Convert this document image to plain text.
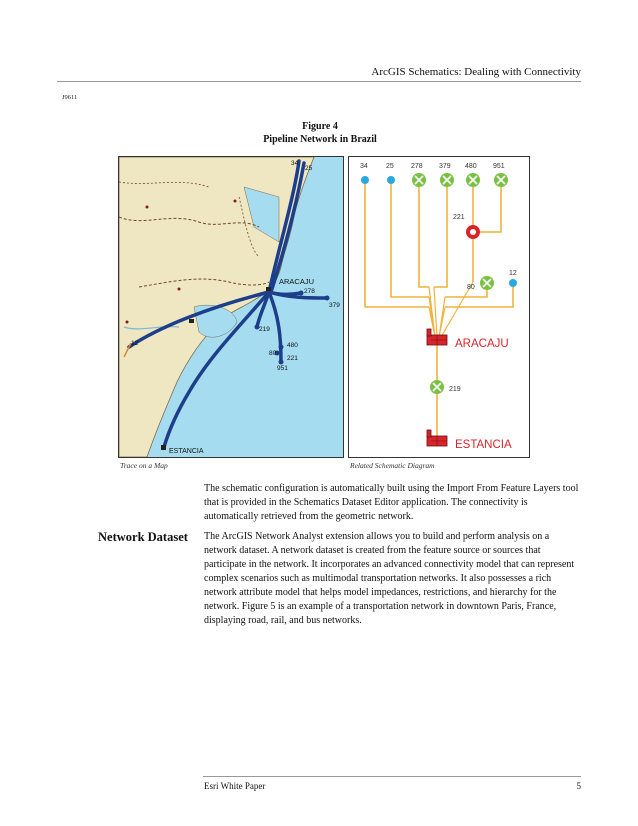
ArcGIS Schematics: Dealing with Connectivity
J9611
Figure 4
Pipeline Network in Brazil
34
25
278
379
219
12	480
80
221
951
ARACAJU
ESTANCIA
34	25 278 379 480 951
221
12
80
219
ARACAJU
ESTANCIA
Trace on a Map	Related Schematic Diagram
The schematic configuration is automatically built using the Import From Feature Layers tool that is provided in the Schematics Dataset Editor application. The connectivity is automatically retrieved from the geometric network.
Network Dataset The ArcGIS Network Analyst extension allows you to build and perform analysis on a network dataset. A network dataset is created from the feature source or sources that participate in the network. It incorporates an advanced connectivity model that can represent complex scenarios such as multimodal transportation networks. It also possesses a rich network attribute model that helps model impedances, restrictions, and hierarchy for the network. Figure 5 is an example of a transportation network in downtown Paris, France, displaying road, rail, and bus networks.
Esri White Paper	5
